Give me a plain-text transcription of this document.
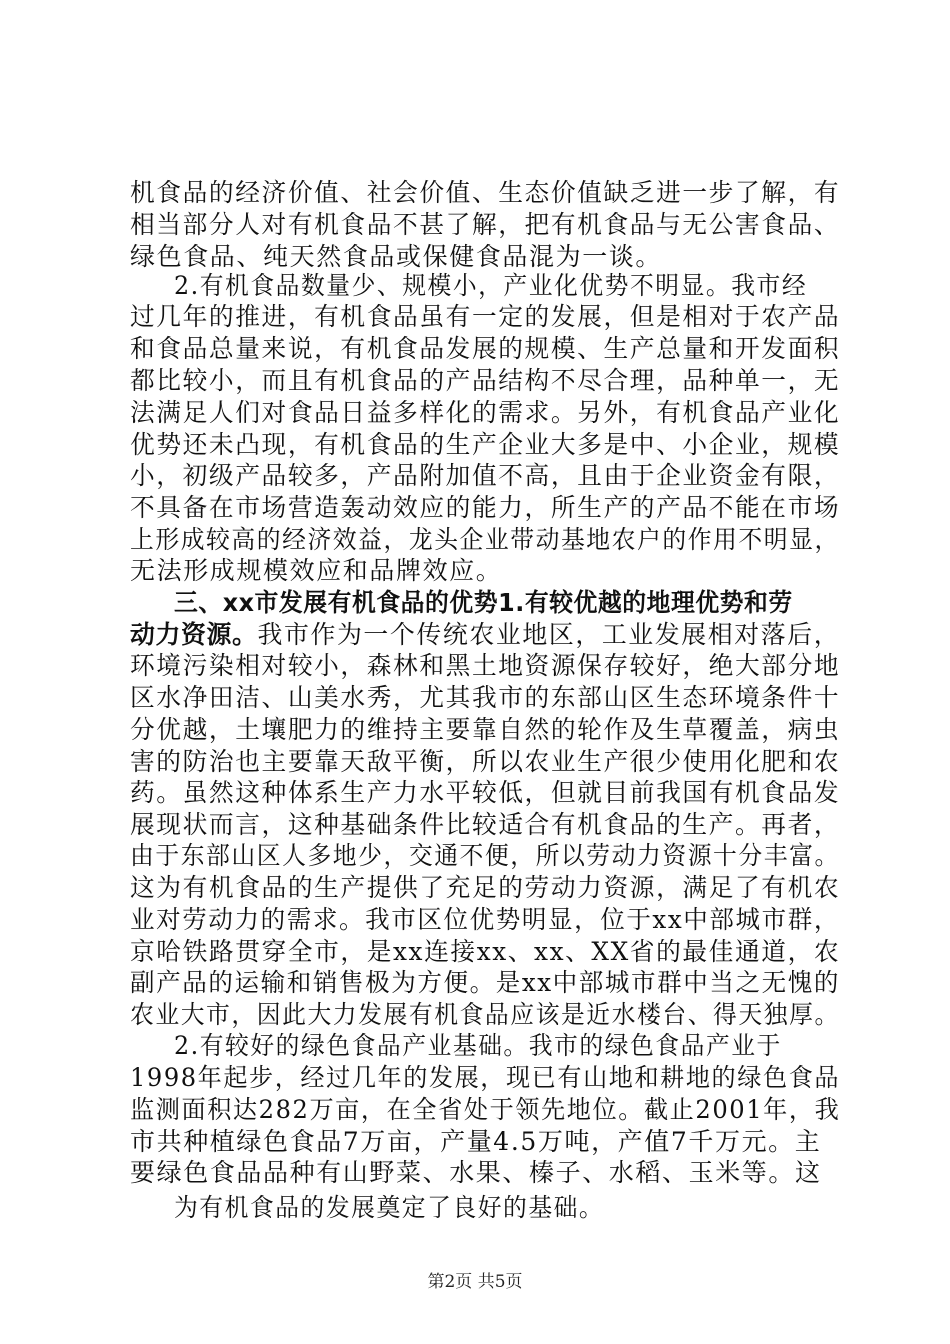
机食品的经济价值、社会价值、生态价值缺乏进一步了解，有
相当部分人对有机食品不甚了解，把有机食品与无公害食品、
绿色食品、纯天然食品或保健食品混为一谈。
2.有机食品数量少、规模小，产业化优势不明显。我市经
过几年的推进，有机食品虽有一定的发展，但是相对于农产品
和食品总量来说，有机食品发展的规模、生产总量和开发面积
都比较小，而且有机食品的产品结构不尽合理，品种单一，无
法满足人们对食品日益多样化的需求。另外，有机食品产业化
优势还未凸现，有机食品的生产企业大多是中、小企业，规模
小，初级产品较多，产品附加值不高，且由于企业资金有限，
不具备在市场营造轰动效应的能力，所生产的产品不能在市场
上形成较高的经济效益，龙头企业带动基地农户的作用不明显，
无法形成规模效应和品牌效应。
三、xx市发展有机食品的优势1.有较优越的地理优势和劳
动力资源。我市作为一个传统农业地区，工业发展相对落后，
环境污染相对较小，森林和黑土地资源保存较好，绝大部分地
区水净田洁、山美水秀，尤其我市的东部山区生态环境条件十
分优越，土壤肥力的维持主要靠自然的轮作及生草覆盖，病虫
害的防治也主要靠天敌平衡，所以农业生产很少使用化肥和农
药。虽然这种体系生产力水平较低，但就目前我国有机食品发
展现状而言，这种基础条件比较适合有机食品的生产。再者，
由于东部山区人多地少，交通不便，所以劳动力资源十分丰富。
这为有机食品的生产提供了充足的劳动力资源，满足了有机农
业对劳动力的需求。我市区位优势明显，位于xx中部城市群，
京哈铁路贯穿全市，是xx连接xx、xx、XX省的最佳通道，农
副产品的运输和销售极为方便。是xx中部城市群中当之无愧的
农业大市，因此大力发展有机食品应该是近水楼台、得天独厚。
2.有较好的绿色食品产业基础。我市的绿色食品产业于
1998年起步，经过几年的发展，现已有山地和耕地的绿色食品
监测面积达282万亩，在全省处于领先地位。截止2001年，我
市共种植绿色食品7万亩，产量4.5万吨，产值7千万元。主
要绿色食品品种有山野菜、水果、榛子、水稻、玉米等。这
为有机食品的发展奠定了良好的基础。
第2页 共5页
